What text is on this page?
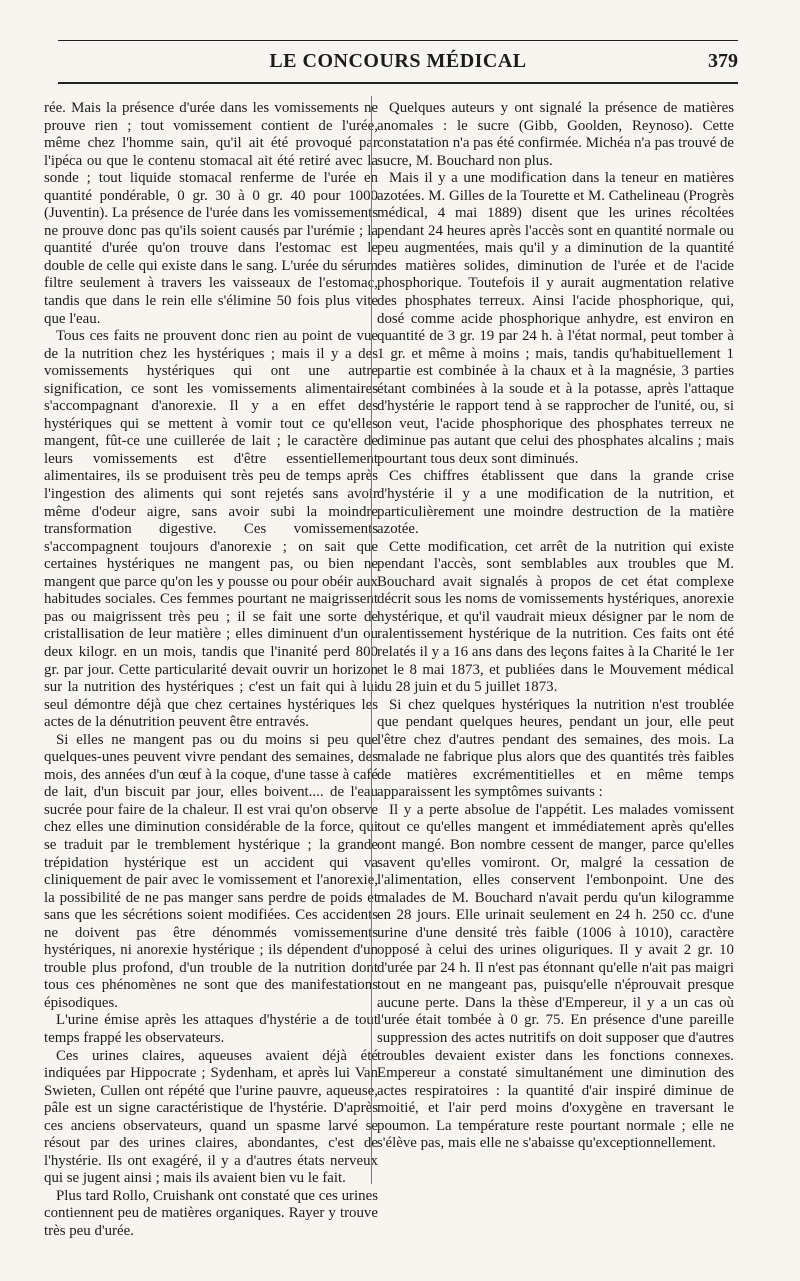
LE CONCOURS MÉDICAL	379

rée. Mais la présence d'urée dans les vomissements ne prouve rien ; tout vomissement contient de l'urée, même chez l'homme sain, qu'il ait été provoqué par l'ipéca ou que le contenu stomacal ait été retiré avec la sonde ; tout liquide stomacal renferme de l'urée en quantité pondérable, 0 gr. 30 à 0 gr. 40 pour 1000 (Juventin). La présence de l'urée dans les vomissements ne prouve donc pas qu'ils soient causés par l'urémie ; la quantité d'urée qu'on trouve dans l'estomac est le double de celle qui existe dans le sang. L'urée du sérum filtre seulement à travers les vaisseaux de l'estomac, tandis que dans le rein elle s'élimine 50 fois plus vite que l'eau.

Tous ces faits ne prouvent donc rien au point de vue de la nutrition chez les hystériques ; mais il y a des vomissements hystériques qui ont une autre signification, ce sont les vomissements alimentaires s'accompagnant d'anorexie. Il y a en effet des hystériques qui se mettent à vomir tout ce qu'elles mangent, fût-ce une cuillerée de lait ; le caractère de leurs vomissements est d'être essentiellement alimentaires, ils se produisent très peu de temps après l'ingestion des aliments qui sont rejetés sans avoir même d'odeur aigre, sans avoir subi la moindre transformation digestive. Ces vomissements s'accompagnent toujours d'anorexie ; on sait que certaines hystériques ne mangent pas, ou bien ne mangent que parce qu'on les y pousse ou pour obéir aux habitudes sociales. Ces femmes pourtant ne maigrissent pas ou maigrissent très peu ; il se fait une sorte de cristallisation de leur matière ; elles diminuent d'un ou deux kilogr. en un mois, tandis que l'inanité perd 800 gr. par jour. Cette particularité devait ouvrir un horizon sur la nutrition des hystériques ; c'est un fait qui à lui seul démontre déjà que chez certaines hystériques les actes de la dénutrition peuvent être entravés.

Si elles ne mangent pas ou du moins si peu que quelques-unes peuvent vivre pendant des semaines, des mois, des années d'un œuf à la coque, d'une tasse à café de lait, d'un biscuit par jour, elles boivent.... de l'eau sucrée pour faire de la chaleur. Il est vrai qu'on observe chez elles une diminution considérable de la force, qui se traduit par le tremblement hystérique ; la grande trépidation hystérique est un accident qui va cliniquement de pair avec le vomissement et l'anorexie, la possibilité de ne pas manger sans perdre de poids et sans que les sécrétions soient modifiées. Ces accidents ne doivent pas être dénommés vomissements hystériques, ni anorexie hystérique ; ils dépendent d'un trouble plus profond, d'un trouble de la nutrition dont tous ces phénomènes ne sont que des manifestations épisodiques.

L'urine émise après les attaques d'hystérie a de tout temps frappé les observateurs.

Ces urines claires, aqueuses avaient déjà été indiquées par Hippocrate ; Sydenham, et après lui Van Swieten, Cullen ont répété que l'urine pauvre, aqueuse, pâle est un signe caractéristique de l'hystérie. D'après ces anciens observateurs, quand un spasme larvé se résout par des urines claires, abondantes, c'est de l'hystérie. Ils ont exagéré, il y a d'autres états nerveux qui se jugent ainsi ; mais ils avaient bien vu le fait.

Plus tard Rollo, Cruishank ont constaté que ces urines contiennent peu de matières organiques. Rayer y trouve très peu d'urée.

Quelques auteurs y ont signalé la présence de matières anomales : le sucre (Gibb, Goolden, Reynoso). Cette constatation n'a pas été confirmée. Michéa n'a pas trouvé de sucre, M. Bouchard non plus.

Mais il y a une modification dans la teneur en matières azotées. M. Gilles de la Tourette et M. Cathelineau (Progrès médical, 4 mai 1889) disent que les urines récoltées pendant 24 heures après l'accès sont en quantité normale ou peu augmentées, mais qu'il y a diminution de la quantité des matières solides, diminution de l'urée et de l'acide phosphorique. Toutefois il y aurait augmentation relative des phosphates terreux. Ainsi l'acide phosphorique, qui, dosé comme acide phosphorique anhydre, est environ en quantité de 3 gr. 19 par 24 h. à l'état normal, peut tomber à 1 gr. et même à moins ; mais, tandis qu'habituellement 1 partie est combinée à la chaux et à la magnésie, 3 parties étant combinées à la soude et à la potasse, après l'attaque d'hystérie le rapport tend à se rapprocher de l'unité, ou, si on veut, l'acide phosphorique des phosphates terreux ne diminue pas autant que celui des phosphates alcalins ; mais pourtant tous deux sont diminués.

Ces chiffres établissent que dans la grande crise d'hystérie il y a une modification de la nutrition, et particulièrement une moindre destruction de la matière azotée.

Cette modification, cet arrêt de la nutrition qui existe pendant l'accès, sont semblables aux troubles que M. Bouchard avait signalés à propos de cet état complexe décrit sous les noms de vomissements hystériques, anorexie hystérique, et qu'il vaudrait mieux désigner par le nom de ralentissement hystérique de la nutrition. Ces faits ont été relatés il y a 16 ans dans des leçons faites à la Charité le 1er et le 8 mai 1873, et publiées dans le Mouvement médical du 28 juin et du 5 juillet 1873.

Si chez quelques hystériques la nutrition n'est troublée que pendant quelques heures, pendant un jour, elle peut l'être chez d'autres pendant des semaines, des mois. La malade ne fabrique plus alors que des quantités très faibles de matières excrémentitielles et en même temps apparaissent les symptômes suivants :

Il y a perte absolue de l'appétit. Les malades vomissent tout ce qu'elles mangent et immédiatement après qu'elles ont mangé. Bon nombre cessent de manger, parce qu'elles savent qu'elles vomiront. Or, malgré la cessation de l'alimentation, elles conservent l'embonpoint. Une des malades de M. Bouchard n'avait perdu qu'un kilogramme en 28 jours. Elle urinait seulement en 24 h. 250 cc. d'une urine d'une densité très faible (1006 à 1010), caractère opposé à celui des urines oliguriques. Il y avait 2 gr. 10 d'urée par 24 h. Il n'est pas étonnant qu'elle n'ait pas maigri tout en ne mangeant pas, puisqu'elle n'éprouvait presque aucune perte. Dans la thèse d'Empereur, il y a un cas où l'urée était tombée à 0 gr. 75. En présence d'une pareille suppression des actes nutritifs on doit supposer que d'autres troubles devaient exister dans les fonctions connexes. Empereur a constaté simultanément une diminution des actes respiratoires : la quantité d'air inspiré diminue de moitié, et l'air perd moins d'oxygène en traversant le poumon. La température reste pourtant normale ; elle ne s'élève pas, mais elle ne s'abaisse qu'exceptionnellement.
